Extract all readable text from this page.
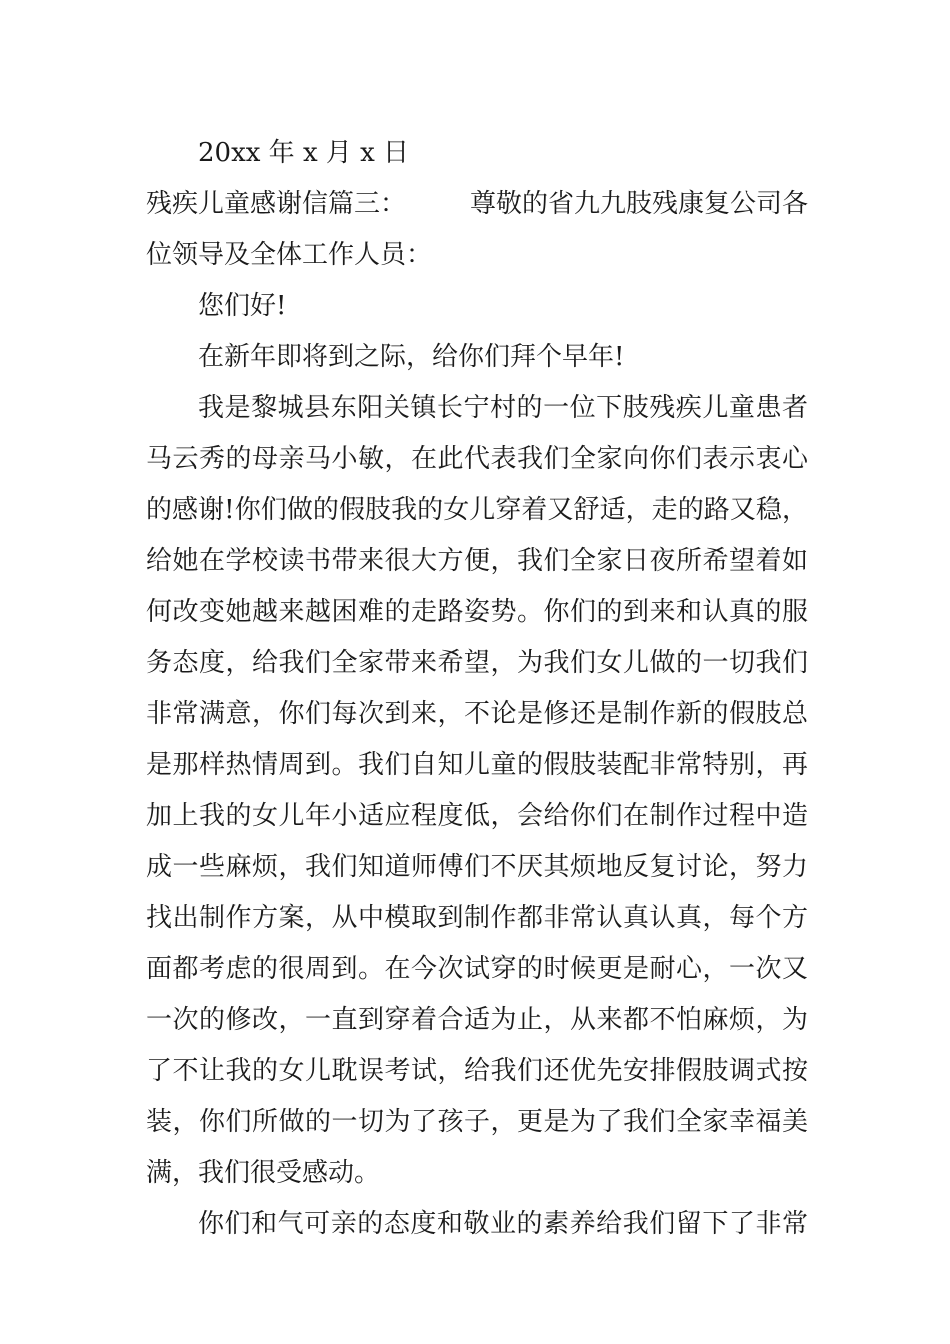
20xx 年 x 月 x 日
残疾儿童感谢信篇三： 尊敬的省九九肢残康复公司各
位领导及全体工作人员：
您们好!
在新年即将到之际，给你们拜个早年!
我是黎城县东阳关镇长宁村的一位下肢残疾儿童患者
马云秀的母亲马小敏，在此代表我们全家向你们表示衷心
的感谢!你们做的假肢我的女儿穿着又舒适，走的路又稳，
给她在学校读书带来很大方便，我们全家日夜所希望着如
何改变她越来越困难的走路姿势。你们的到来和认真的服
务态度，给我们全家带来希望，为我们女儿做的一切我们
非常满意，你们每次到来，不论是修还是制作新的假肢总
是那样热情周到。我们自知儿童的假肢装配非常特别，再
加上我的女儿年小适应程度低，会给你们在制作过程中造
成一些麻烦，我们知道师傅们不厌其烦地反复讨论，努力
找出制作方案，从中模取到制作都非常认真认真，每个方
面都考虑的很周到。在今次试穿的时候更是耐心，一次又
一次的修改，一直到穿着合适为止，从来都不怕麻烦，为
了不让我的女儿耽误考试，给我们还优先安排假肢调式按
装，你们所做的一切为了孩子，更是为了我们全家幸福美
满，我们很受感动。
你们和气可亲的态度和敬业的素养给我们留下了非常
